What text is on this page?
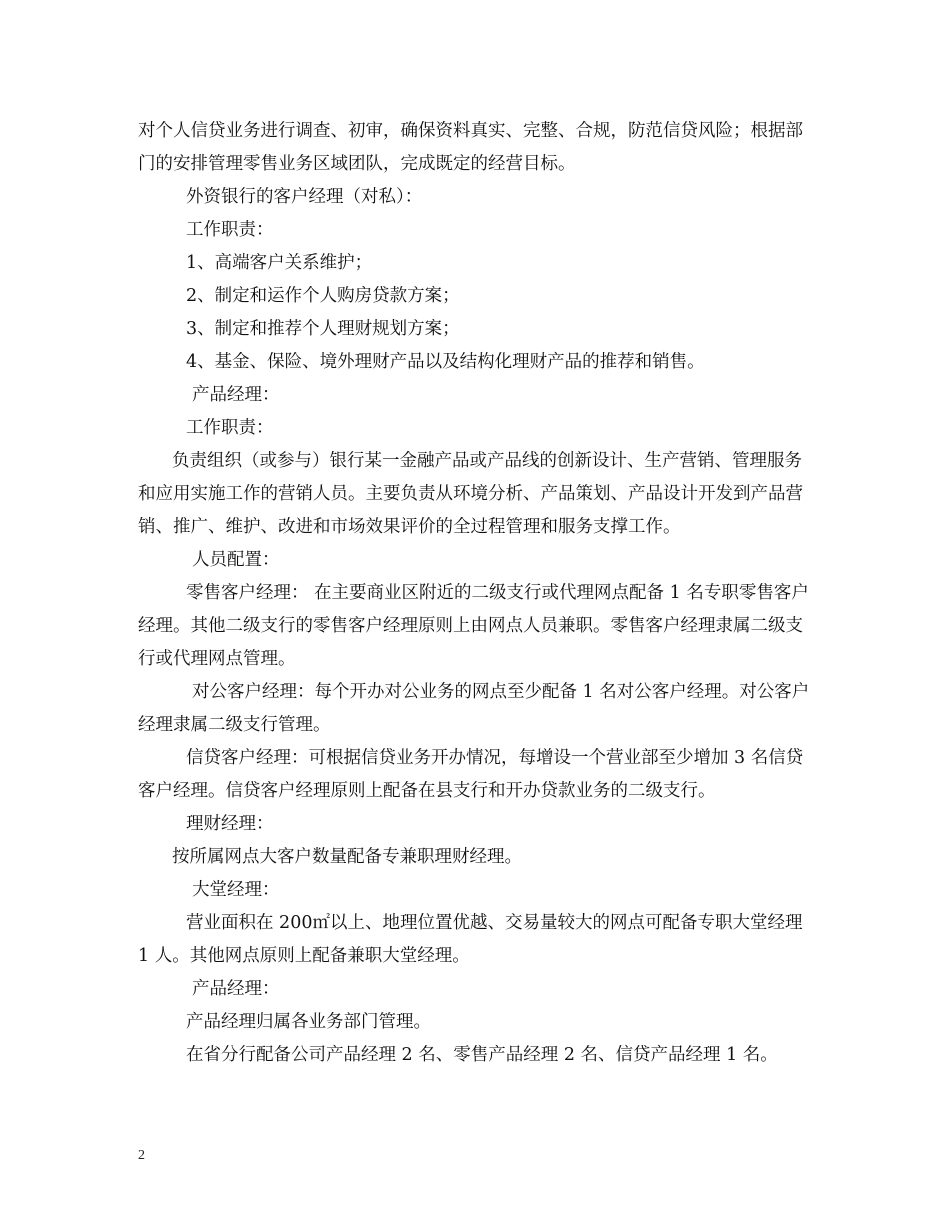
对个人信贷业务进行调查、初审，确保资料真实、完整、合规，防范信贷风险；根据部门的安排管理零售业务区域团队，完成既定的经营目标。

外资银行的客户经理（对私）：

工作职责：

1、高端客户关系维护；

2、制定和运作个人购房贷款方案；

3、制定和推荐个人理财规划方案；

4、基金、保险、境外理财产品以及结构化理财产品的推荐和销售。

产品经理：

工作职责：

负责组织（或参与）银行某一金融产品或产品线的创新设计、生产营销、管理服务和应用实施工作的营销人员。主要负责从环境分析、产品策划、产品设计开发到产品营销、推广、维护、改进和市场效果评价的全过程管理和服务支撑工作。

人员配置：

零售客户经理： 在主要商业区附近的二级支行或代理网点配备 1 名专职零售客户经理。其他二级支行的零售客户经理原则上由网点人员兼职。零售客户经理隶属二级支行或代理网点管理。

对公客户经理：每个开办对公业务的网点至少配备 1 名对公客户经理。对公客户经理隶属二级支行管理。

信贷客户经理：可根据信贷业务开办情况，每增设一个营业部至少增加 3 名信贷客户经理。信贷客户经理原则上配备在县支行和开办贷款业务的二级支行。

理财经理：

按所属网点大客户数量配备专兼职理财经理。

大堂经理：

营业面积在 200㎡以上、地理位置优越、交易量较大的网点可配备专职大堂经理 1 人。其他网点原则上配备兼职大堂经理。

产品经理：

产品经理归属各业务部门管理。

在省分行配备公司产品经理 2 名、零售产品经理 2 名、信贷产品经理 1 名。

2
